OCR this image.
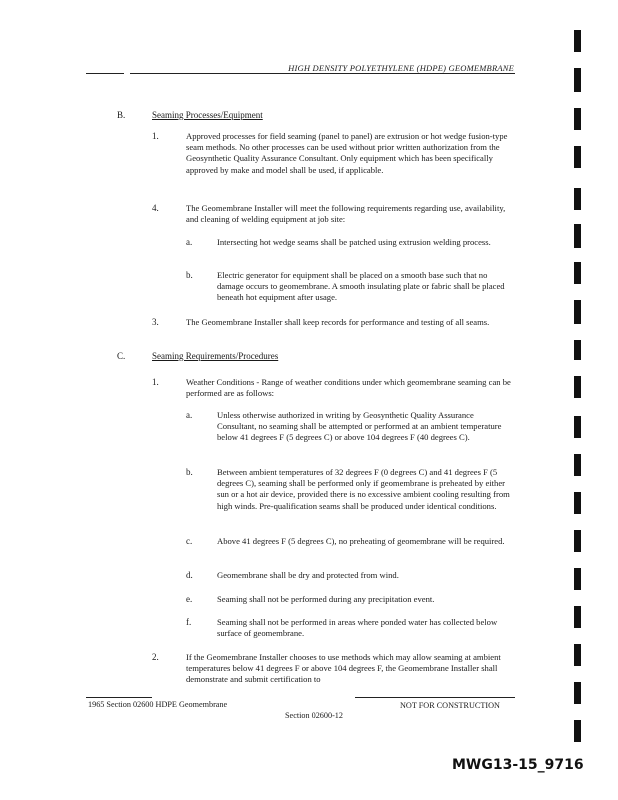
HIGH DENSITY POLYETHYLENE (HDPE) GEOMEMBRANE
B.	Seaming Processes/Equipment
1.	Approved processes for field seaming (panel to panel) are extrusion or hot wedge fusion-type seam methods. No other processes can be used without prior written authorization from the Geosynthetic Quality Assurance Consultant. Only equipment which has been specifically approved by make and model shall be used, if applicable.
4.	The Geomembrane Installer will meet the following requirements regarding use, availability, and cleaning of welding equipment at job site:
a.	Intersecting hot wedge seams shall be patched using extrusion welding process.
b.	Electric generator for equipment shall be placed on a smooth base such that no damage occurs to geomembrane. A smooth insulating plate or fabric shall be placed beneath hot equipment after usage.
3.	The Geomembrane Installer shall keep records for performance and testing of all seams.
C.	Seaming Requirements/Procedures
1.	Weather Conditions - Range of weather conditions under which geomembrane seaming can be performed are as follows:
a.	Unless otherwise authorized in writing by Geosynthetic Quality Assurance Consultant, no seaming shall be attempted or performed at an ambient temperature below 41 degrees F (5 degrees C) or above 104 degrees F (40 degrees C).
b.	Between ambient temperatures of 32 degrees F (0 degrees C) and 41 degrees F (5 degrees C), seaming shall be performed only if geomembrane is preheated by either sun or a hot air device, provided there is no excessive ambient cooling resulting from high winds. Pre-qualification seams shall be produced under identical conditions.
c.	Above 41 degrees F (5 degrees C), no preheating of geomembrane will be required.
d.	Geomembrane shall be dry and protected from wind.
e.	Seaming shall not be performed during any precipitation event.
f.	Seaming shall not be performed in areas where ponded water has collected below surface of geomembrane.
2.	If the Geomembrane Installer chooses to use methods which may allow seaming at ambient temperatures below 41 degrees F or above 104 degrees F, the Geomembrane Installer shall demonstrate and submit certification to
1965 Section 02600 HDPE Geomembrane
Section 02600-12
NOT FOR CONSTRUCTION
MWG13-15_9716
